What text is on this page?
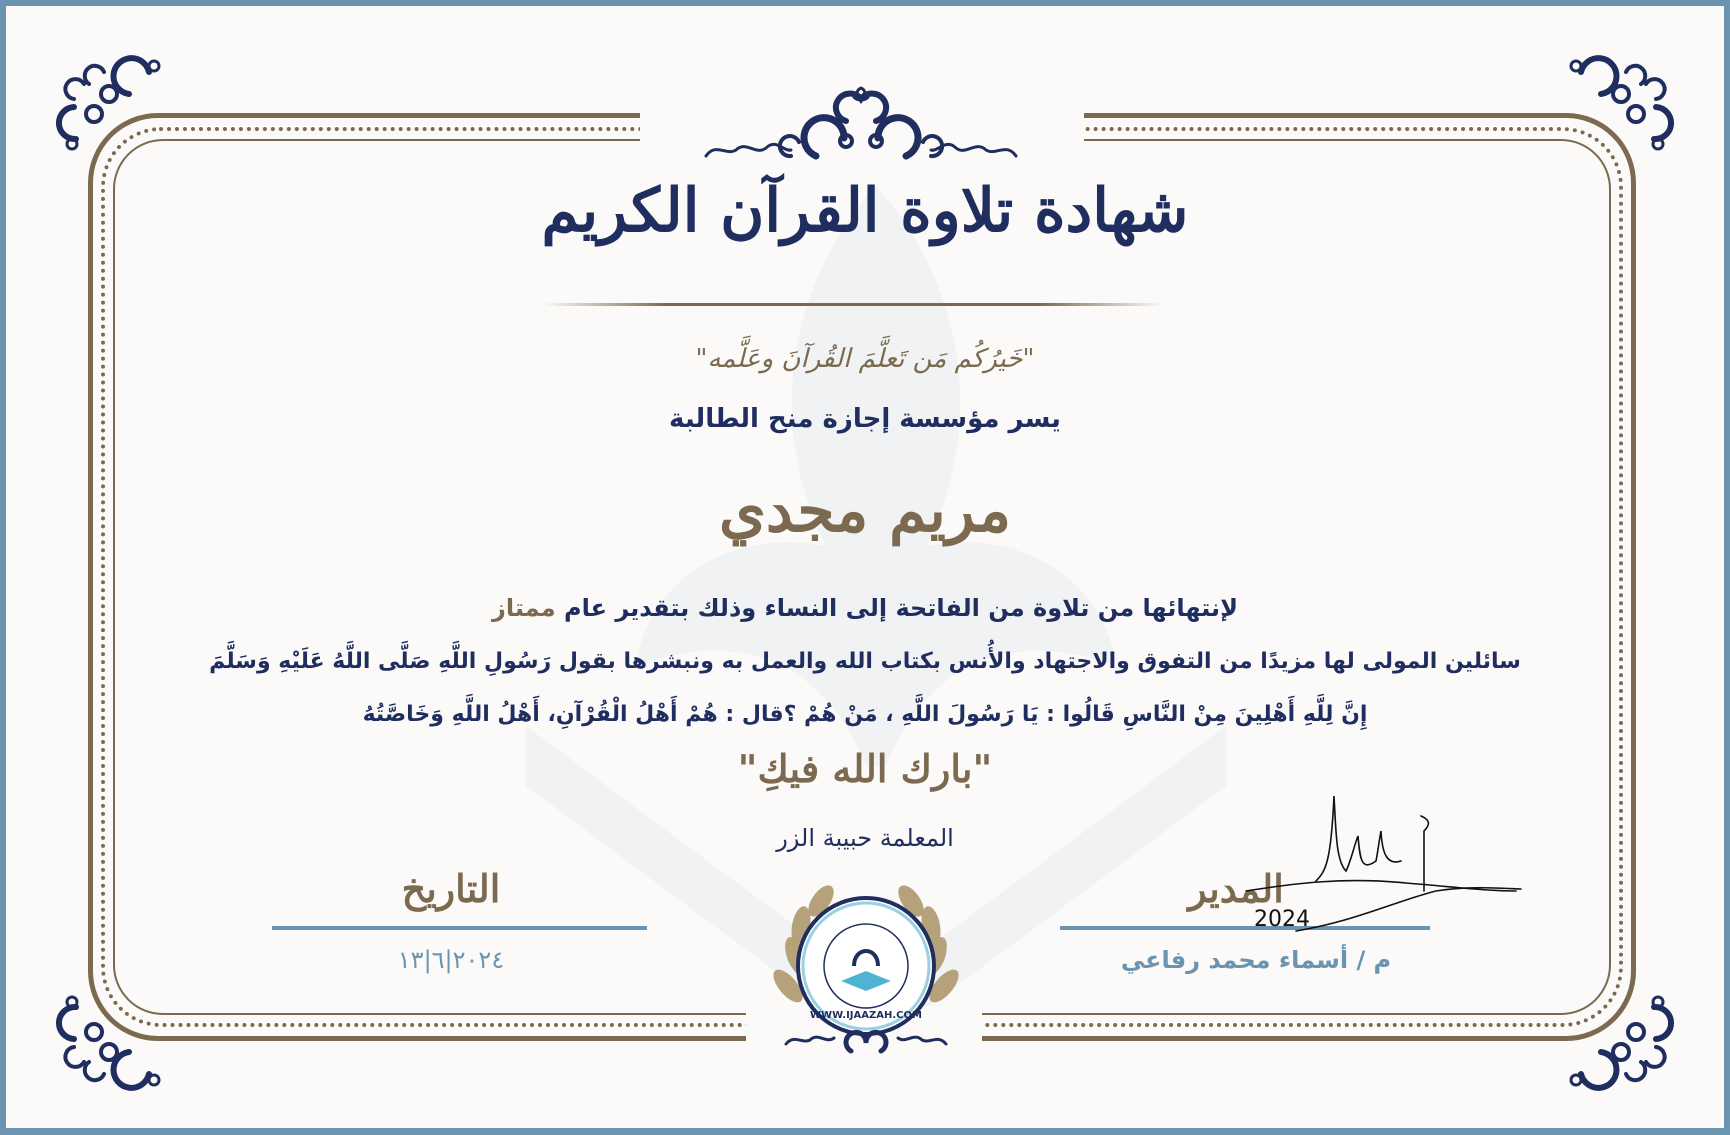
شهادة تلاوة القرآن الكريم
"خَيرُكُم مَن تَعلَّمَ القُرآنَ وعَلَّمه"
يسر مؤسسة إجازة منح الطالبة
مريم مجدي
لإنتهائها من تلاوة من الفاتحة إلى النساء وذلك بتقدير عام ممتاز
سائلين المولى لها مزيدًا من التفوق والاجتهاد والأُنس بكتاب الله والعمل به ونبشرها بقول رَسُولِ اللَّهِ صَلَّى اللَّهُ عَلَيْهِ وَسَلَّمَ
إِنَّ لِلَّهِ أَهْلِينَ مِنْ النَّاسِ قَالُوا : يَا رَسُولَ اللَّهِ ، مَنْ هُمْ ؟قال : هُمْ أَهْلُ الْقُرْآنِ، أَهْلُ اللَّهِ وَخَاصَّتُهُ
"بارك الله فيكِ"
المعلمة حبيبة الزر
التاريخ
٢٠٢٤|٦|١٣
المدير
م / أسماء محمد رفاعي
2024
WWW.IJAAZAH.COM
